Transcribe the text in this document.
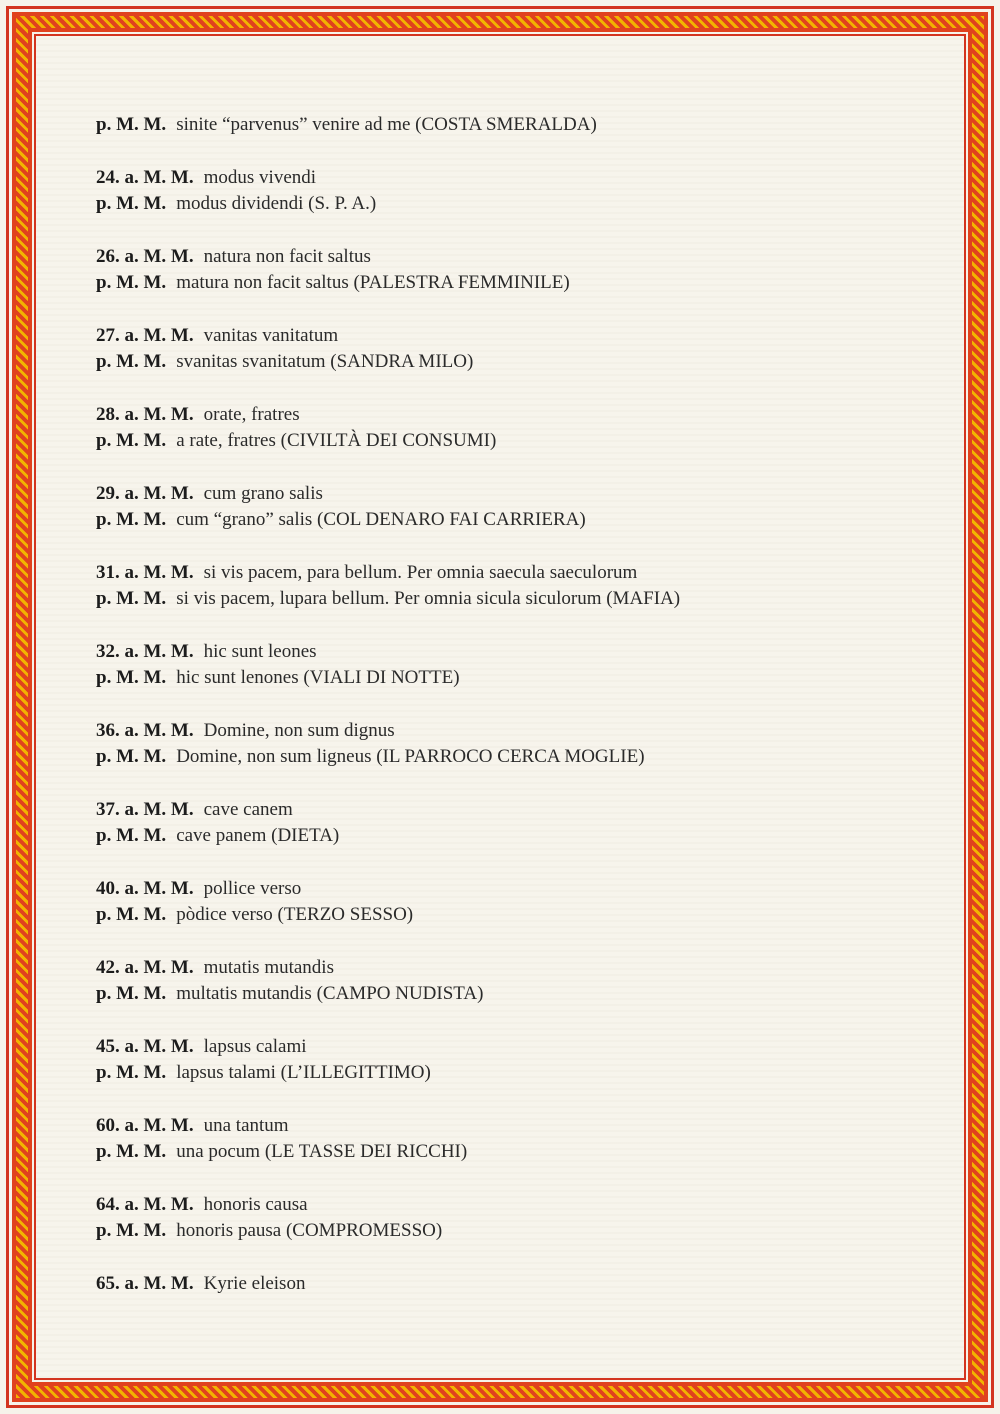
p. M. M. sinite “parvenus” venire ad me (COSTA SMERALDA)
24. a. M. M. modus vivendi
p. M. M. modus dividendi (S. P. A.)
26. a. M. M. natura non facit saltus
p. M. M. matura non facit saltus (PALESTRA FEMMINILE)
27. a. M. M. vanitas vanitatum
p. M. M. svanitas svanitatum (SANDRA MILO)
28. a. M. M. orate, fratres
p. M. M. a rate, fratres (CIVILTÀ DEI CONSUMI)
29. a. M. M. cum grano salis
p. M. M. cum “grano” salis (COL DENARO FAI CARRIERA)
31. a. M. M. si vis pacem, para bellum. Per omnia saecula saeculorum
p. M. M. si vis pacem, lupara bellum. Per omnia sicula siculorum (MAFIA)
32. a. M. M. hic sunt leones
p. M. M. hic sunt lenones (VIALI DI NOTTE)
36. a. M. M. Domine, non sum dignus
p. M. M. Domine, non sum ligneus (IL PARROCO CERCA MOGLIE)
37. a. M. M. cave canem
p. M. M. cave panem (DIETA)
40. a. M. M. pollice verso
p. M. M. pòdice verso (TERZO SESSO)
42. a. M. M. mutatis mutandis
p. M. M. multatis mutandis (CAMPO NUDISTA)
45. a. M. M. lapsus calami
p. M. M. lapsus talami (L’ILLEGITTIMO)
60. a. M. M. una tantum
p. M. M. una pocum (LE TASSE DEI RICCHI)
64. a. M. M. honoris causa
p. M. M. honoris pausa (COMPROMESSO)
65. a. M. M. Kyrie eleison
